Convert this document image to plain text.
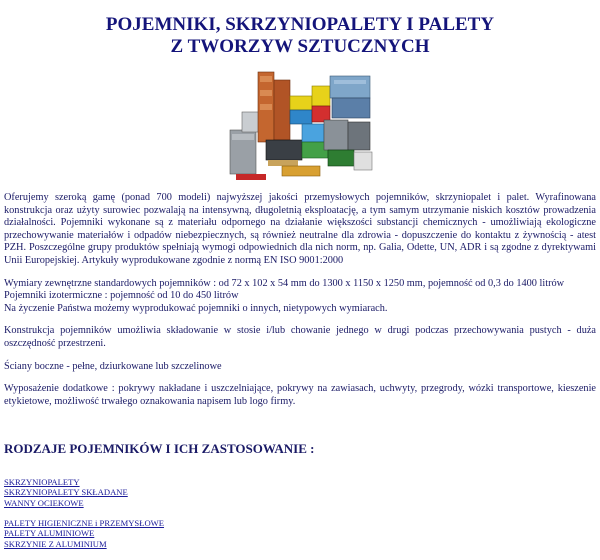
POJEMNIKI, SKRZYNIOPALETY I PALETY
Z TWORZYW SZTUCZNYCH

Oferujemy szeroką gamę (ponad 700 modeli) najwyższej jakości przemysłowych pojemników, skrzyniopalet i palet. Wyrafinowana konstrukcja oraz użyty surowiec pozwalają na intensywną, długoletnią eksploatację, a tym samym utrzymanie niskich kosztów prowadzenia działalności. Pojemniki wykonane są z materiału odpornego na działanie większości substancji chemicznych - umożliwiają ekologiczne przechowywanie materiałów i odpadów niebezpiecznych, są również neutralne dla zdrowia - dopuszczenie do kontaktu z żywnością - atest PZH. Poszczególne grupy produktów spełniają wymogi odpowiednich dla nich norm, np. Galia, Odette, UN, ADR i są zgodne z dyrektywami Unii Europejskiej. Artykuły wyprodukowane zgodnie z normą EN ISO 9001:2000

Wymiary zewnętrzne standardowych pojemników : od 72 x 102 x 54 mm do 1300 x 1150 x 1250 mm, pojemność od 0,3 do 1400 litrów
Pojemniki izotermiczne : pojemność od 10 do 450 litrów
Na życzenie Państwa możemy wyprodukować pojemniki o innych, nietypowych wymiarach.

Konstrukcja pojemników umożliwia składowanie w stosie i/lub chowanie jednego w drugi podczas przechowywania pustych - duża oszczędność przestrzeni.

Ściany boczne - pełne, dziurkowane lub szczelinowe

Wyposażenie dodatkowe : pokrywy nakładane i uszczelniające, pokrywy na zawiasach, uchwyty, przegrody, wózki transportowe, kieszenie etykietowe, możliwość trwałego oznakowania napisem lub logo firmy.

RODZAJE POJEMNIKÓW I ICH ZASTOSOWANIE :
SKRZYNIOPALETY
SKRZYNIOPALETY SKŁADANE
WANNY OCIEKOWE
PALETY HIGIENICZNE i PRZEMYSŁOWE
PALETY ALUMINIOWE
SKRZYNIE Z ALUMINIUM
